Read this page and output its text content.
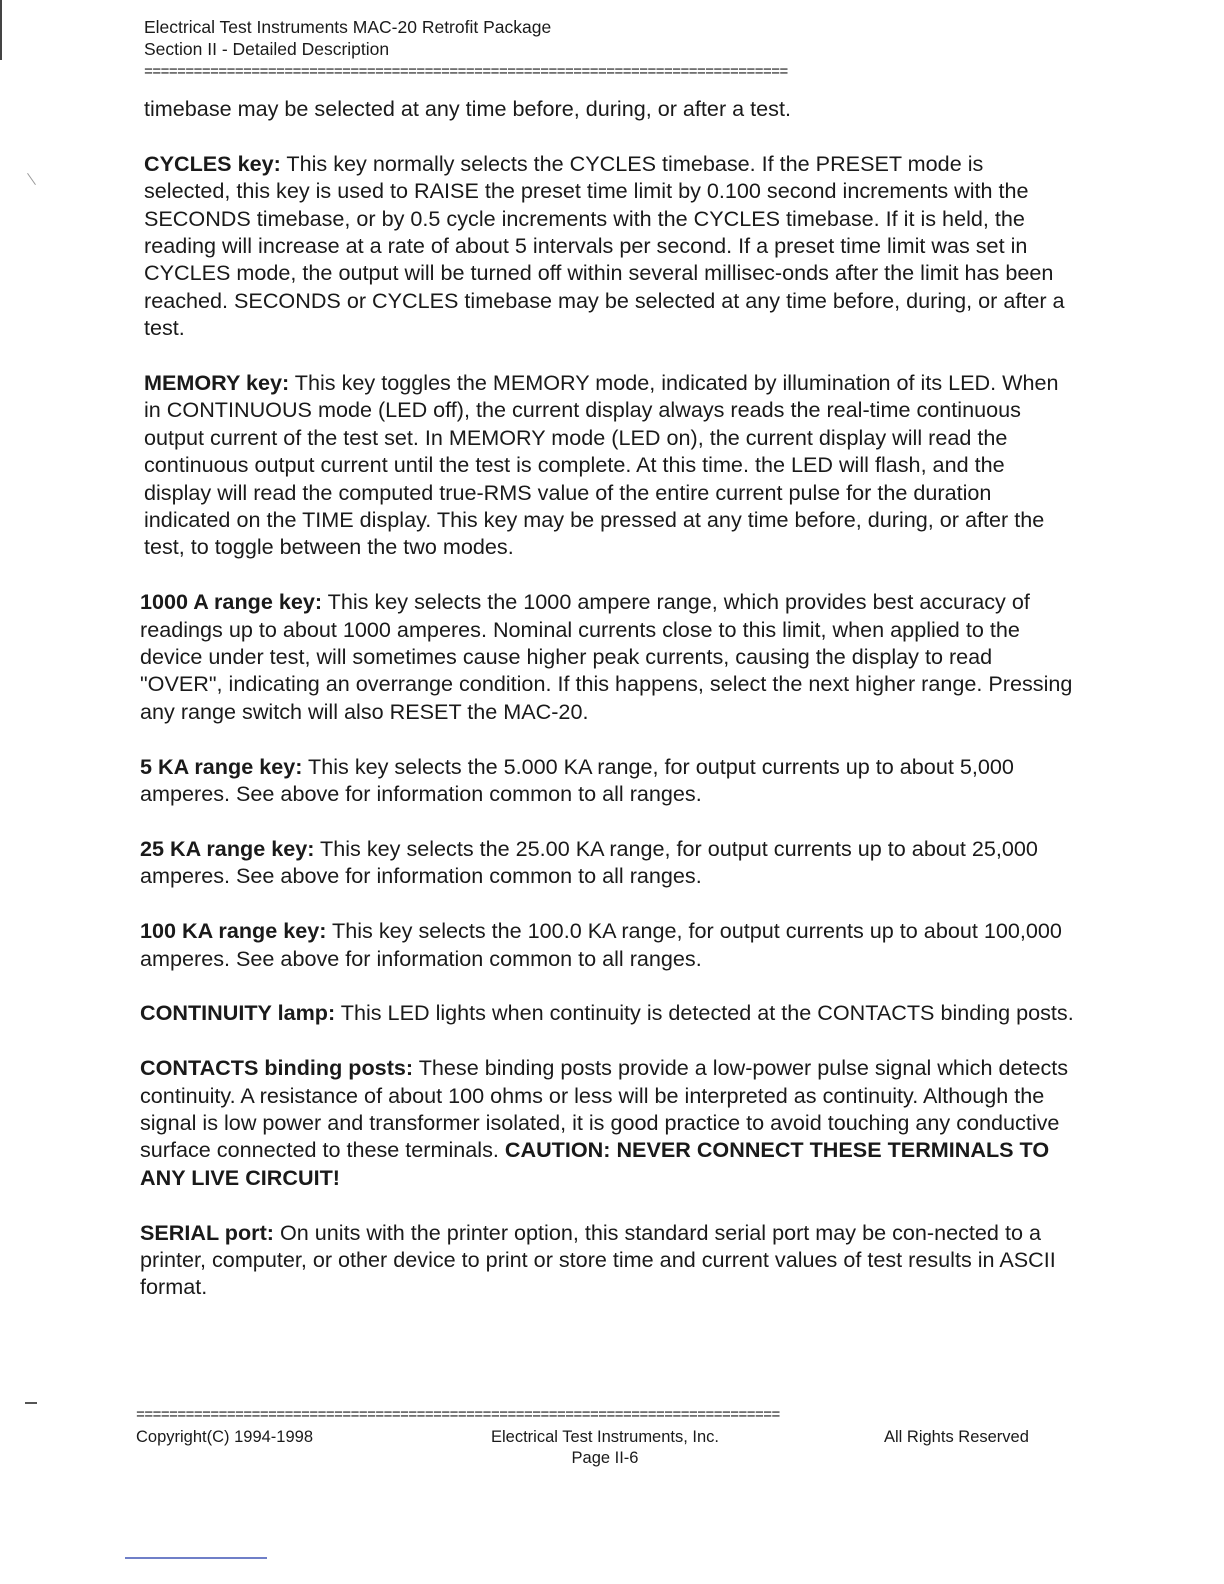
Electrical Test Instruments MAC-20 Retrofit Package
Section II - Detailed Description
==============================================================================

timebase may be selected at any time before, during, or after a test.

CYCLES key: This key normally selects the CYCLES timebase. If the PRESET mode is selected, this key is used to RAISE the preset time limit by 0.100 second increments with the SECONDS timebase, or by 0.5 cycle increments with the CYCLES timebase. If it is held, the reading will increase at a rate of about 5 intervals per second. If a preset time limit was set in CYCLES mode, the output will be turned off within several millisec-onds after the limit has been reached. SECONDS or CYCLES timebase may be selected at any time before, during, or after a test.

MEMORY key: This key toggles the MEMORY mode, indicated by illumination of its LED. When in CONTINUOUS mode (LED off), the current display always reads the real-time continuous output current of the test set. In MEMORY mode (LED on), the current display will read the continuous output current until the test is complete. At this time. the LED will flash, and the display will read the computed true-RMS value of the entire current pulse for the duration indicated on the TIME display. This key may be pressed at any time before, during, or after the test, to toggle between the two modes.

1000 A range key: This key selects the 1000 ampere range, which provides best accuracy of readings up to about 1000 amperes. Nominal currents close to this limit, when applied to the device under test, will sometimes cause higher peak currents, causing the display to read "OVER", indicating an overrange condition. If this happens, select the next higher range. Pressing any range switch will also RESET the MAC-20.

5 KA range key: This key selects the 5.000 KA range, for output currents up to about 5,000 amperes. See above for information common to all ranges.

25 KA range key: This key selects the 25.00 KA range, for output currents up to about 25,000 amperes. See above for information common to all ranges.

100 KA range key: This key selects the 100.0 KA range, for output currents up to about 100,000 amperes. See above for information common to all ranges.

CONTINUITY lamp: This LED lights when continuity is detected at the CONTACTS binding posts.

CONTACTS binding posts: These binding posts provide a low-power pulse signal which detects continuity. A resistance of about 100 ohms or less will be interpreted as continuity. Although the signal is low power and transformer isolated, it is good practice to avoid touching any conductive surface connected to these terminals. CAUTION: NEVER CONNECT THESE TERMINALS TO ANY LIVE CIRCUIT!

SERIAL port: On units with the printer option, this standard serial port may be con-nected to a printer, computer, or other device to print or store time and current values of test results in ASCII format.

==============================================================================
Copyright(C) 1994-1998	Electrical Test Instruments, Inc.
Page II-6
All Rights Reserved
